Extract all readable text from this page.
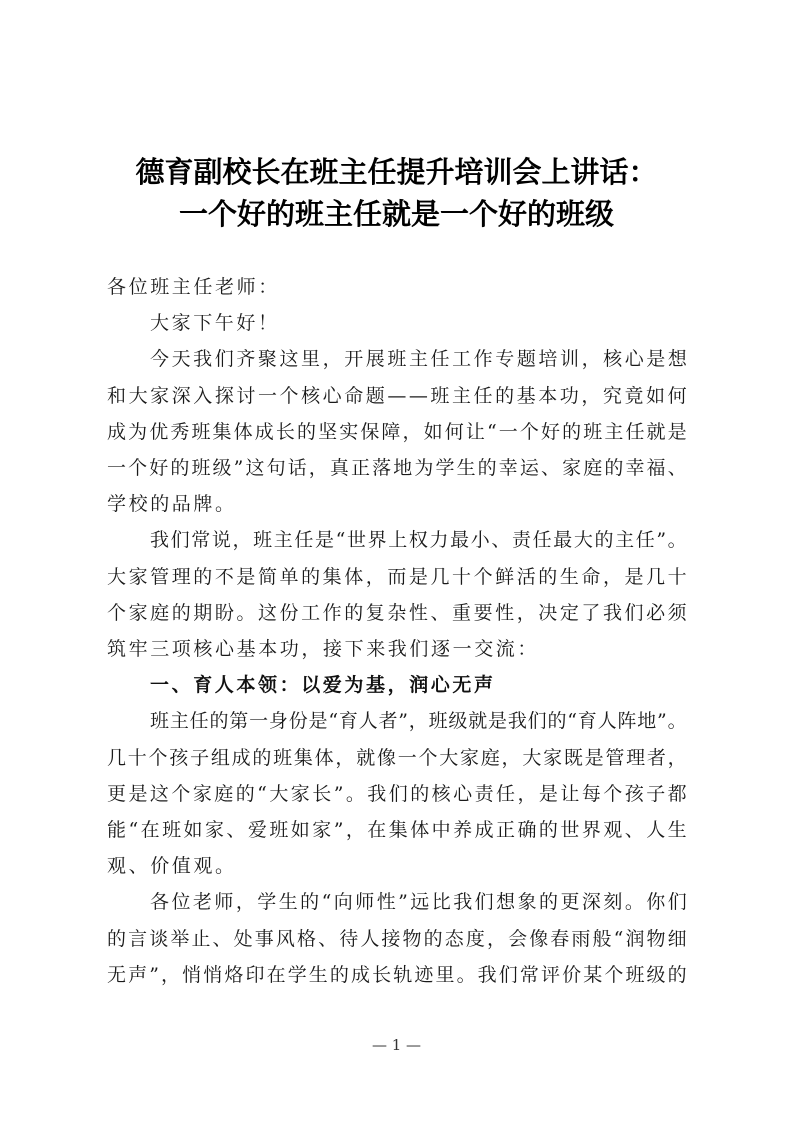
德育副校长在班主任提升培训会上讲话：
一个好的班主任就是一个好的班级
各位班主任老师：
大家下午好！
今 天 我 们 齐 聚 这 里 ， 开 展 班 主 任 工 作 专 题 培 训 ， 核 心 是 想
和 大 家 深 入 探 讨 一 个 核 心 命 题 — — 班 主 任 的 基 本 功 ， 究 竟 如 何
成 为 优 秀 班 集 体 成 长 的 坚 实 保 障 ， 如 何 让 “ 一 个 好 的 班 主 任 就 是
一 个 好 的 班 级 ” 这 句 话 ， 真 正 落 地 为 学 生 的 幸 运 、 家 庭 的 幸 福 、
学校的品牌。
我 们 常 说 ， 班 主 任 是 “ 世 界 上 权 力 最 小 、 责 任 最 大 的 主 任 ” 。
大 家 管 理 的 不 是 简 单 的 集 体 ， 而 是 几 十 个 鲜 活 的 生 命 ， 是 几 十
个 家 庭 的 期 盼 。 这 份 工 作 的 复 杂 性 、 重 要 性 ， 决 定 了 我 们 必 须
筑牢三项核心基本功，接下来我们逐一交流：
一、育人本领：以爱为基，润心无声
班 主 任 的 第 一 身 份 是 “ 育 人 者 ” ， 班 级 就 是 我 们 的 “ 育 人 阵 地 ” 。
几 十 个 孩 子 组 成 的 班 集 体 ， 就 像 一 个 大 家 庭 ， 大 家 既 是 管 理 者 ，
更 是 这 个 家 庭 的 “ 大 家 长 ” 。 我 们 的 核 心 责 任 ， 是 让 每 个 孩 子 都
能 “ 在 班 如 家 、 爱 班 如 家 ” ， 在 集 体 中 养 成 正 确 的 世 界 观 、 人 生
观、价值观。
各 位 老 师 ， 学 生 的 “ 向 师 性 ” 远 比 我 们 想 象 的 更 深 刻 。 你 们
的 言 谈 举 止 、 处 事 风 格 、 待 人 接 物 的 态 度 ， 会 像 春 雨 般 “ 润 物 细
无 声 ” ， 悄 悄 烙 印 在 学 生 的 成 长 轨 迹 里 。 我 们 常 评 价 某 个 班 级 的
— 1 —
